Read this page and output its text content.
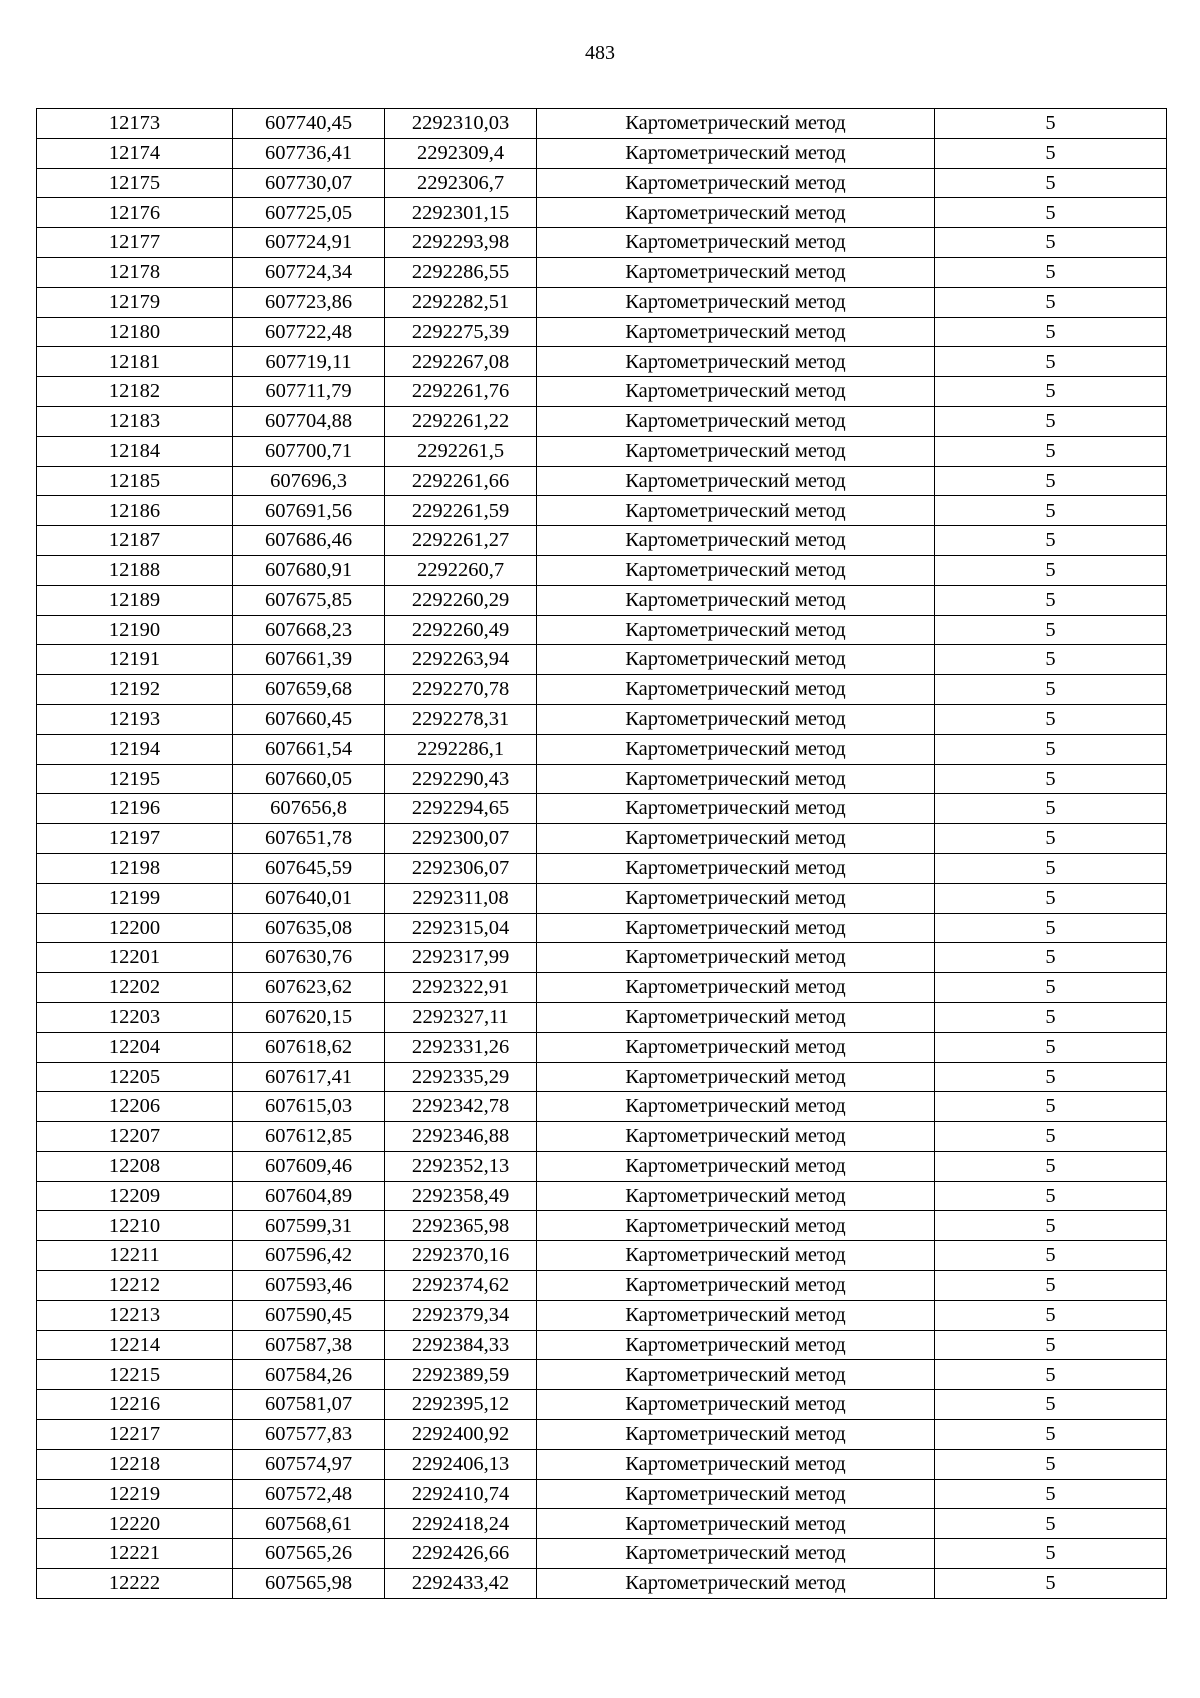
483
12173	607740,45	2292310,03	Картометрический метод	5
12174	607736,41	2292309,4	Картометрический метод	5
12175	607730,07	2292306,7	Картометрический метод	5
12176	607725,05	2292301,15	Картометрический метод	5
12177	607724,91	2292293,98	Картометрический метод	5
12178	607724,34	2292286,55	Картометрический метод	5
12179	607723,86	2292282,51	Картометрический метод	5
12180	607722,48	2292275,39	Картометрический метод	5
12181	607719,11	2292267,08	Картометрический метод	5
12182	607711,79	2292261,76	Картометрический метод	5
12183	607704,88	2292261,22	Картометрический метод	5
12184	607700,71	2292261,5	Картометрический метод	5
12185	607696,3	2292261,66	Картометрический метод	5
12186	607691,56	2292261,59	Картометрический метод	5
12187	607686,46	2292261,27	Картометрический метод	5
12188	607680,91	2292260,7	Картометрический метод	5
12189	607675,85	2292260,29	Картометрический метод	5
12190	607668,23	2292260,49	Картометрический метод	5
12191	607661,39	2292263,94	Картометрический метод	5
12192	607659,68	2292270,78	Картометрический метод	5
12193	607660,45	2292278,31	Картометрический метод	5
12194	607661,54	2292286,1	Картометрический метод	5
12195	607660,05	2292290,43	Картометрический метод	5
12196	607656,8	2292294,65	Картометрический метод	5
12197	607651,78	2292300,07	Картометрический метод	5
12198	607645,59	2292306,07	Картометрический метод	5
12199	607640,01	2292311,08	Картометрический метод	5
12200	607635,08	2292315,04	Картометрический метод	5
12201	607630,76	2292317,99	Картометрический метод	5
12202	607623,62	2292322,91	Картометрический метод	5
12203	607620,15	2292327,11	Картометрический метод	5
12204	607618,62	2292331,26	Картометрический метод	5
12205	607617,41	2292335,29	Картометрический метод	5
12206	607615,03	2292342,78	Картометрический метод	5
12207	607612,85	2292346,88	Картометрический метод	5
12208	607609,46	2292352,13	Картометрический метод	5
12209	607604,89	2292358,49	Картометрический метод	5
12210	607599,31	2292365,98	Картометрический метод	5
12211	607596,42	2292370,16	Картометрический метод	5
12212	607593,46	2292374,62	Картометрический метод	5
12213	607590,45	2292379,34	Картометрический метод	5
12214	607587,38	2292384,33	Картометрический метод	5
12215	607584,26	2292389,59	Картометрический метод	5
12216	607581,07	2292395,12	Картометрический метод	5
12217	607577,83	2292400,92	Картометрический метод	5
12218	607574,97	2292406,13	Картометрический метод	5
12219	607572,48	2292410,74	Картометрический метод	5
12220	607568,61	2292418,24	Картометрический метод	5
12221	607565,26	2292426,66	Картометрический метод	5
12222	607565,98	2292433,42	Картометрический метод	5
